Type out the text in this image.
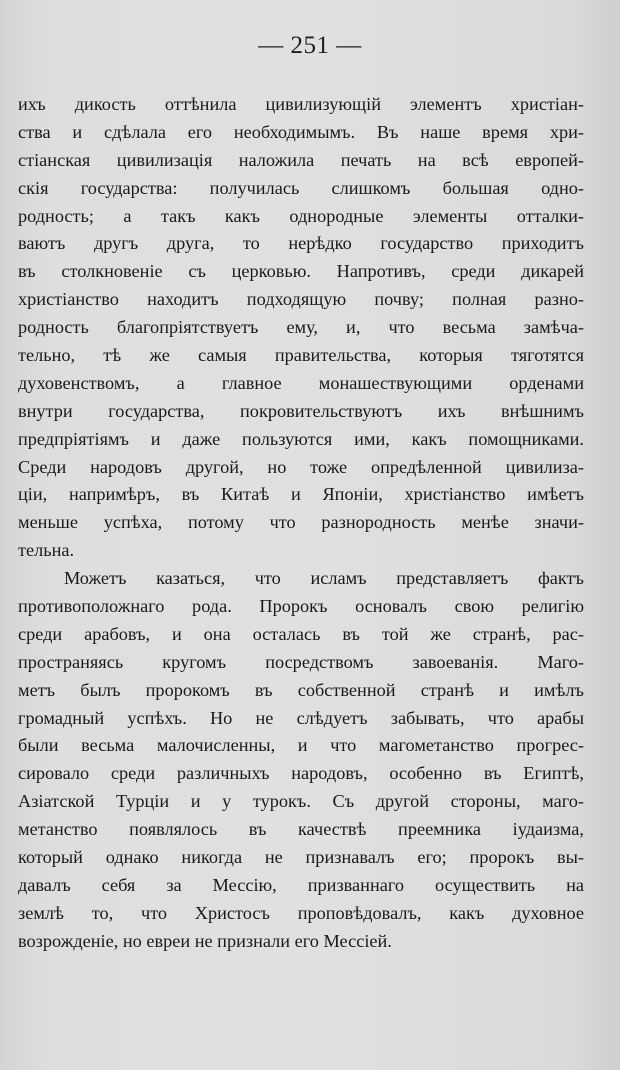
— 251 —
ихъ дикость оттѣнила цивилизующій элементъ христіан-
ства и сдѣлала его необходимымъ. Въ наше время хри-
стіанская цивилизація наложила печать на всѣ европей-
скія государства: получилась слишкомъ большая одно-
родность; а такъ какъ однородные элементы отталки-
ваютъ другъ друга, то нерѣдко государство приходитъ
въ столкновеніе съ церковью. Напротивъ, среди дикарей
христіанство находитъ подходящую почву; полная разно-
родность благопріятствуетъ ему, и, что весьма замѣча-
тельно, тѣ же самыя правительства, которыя тяготятся
духовенствомъ, а главное монашествующими орденами
внутри государства, покровительствуютъ ихъ внѣшнимъ
предпріятіямъ и даже пользуются ими, какъ помощниками.
Среди народовъ другой, но тоже опредѣленной цивилиза-
ціи, напримѣръ, въ Китаѣ и Японіи, христіанство имѣетъ
меньше успѣха, потому что разнородность менѣе значи-
тельна.
Можетъ казаться, что исламъ представляетъ фактъ
противоположнаго рода. Пророкъ основалъ свою религію
среди арабовъ, и она осталась въ той же странѣ, рас-
пространяясь кругомъ посредствомъ завоеванія. Маго-
метъ былъ пророкомъ въ собственной странѣ и имѣлъ
громадный успѣхъ. Но не слѣдуетъ забывать, что арабы
были весьма малочисленны, и что магометанство прогрес-
сировало среди различныхъ народовъ, особенно въ Египтѣ,
Азіатской Турціи и у турокъ. Съ другой стороны, маго-
метанство появлялось въ качествѣ преемника іудаизма,
который однако никогда не признавалъ его; пророкъ вы-
давалъ себя за Мессію, призваннаго осуществить на
землѣ то, что Христосъ проповѣдовалъ, какъ духовное
возрожденіе, но евреи не признали его Мессіей.
